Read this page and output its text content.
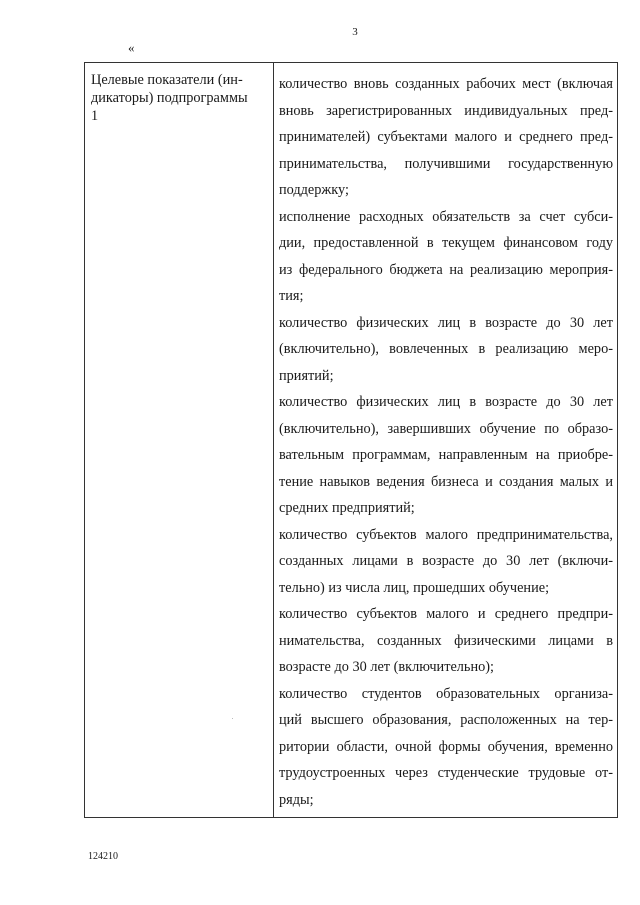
3
«
Целевые показатели (ин-
дикаторы) подпрограммы
1

количество вновь созданных рабочих мест (включая
вновь зарегистрированных индивидуальных пред-
принимателей) субъектами малого и среднего пред-
принимательства, получившими государственную
поддержку;
исполнение расходных обязательств за счет субси-
дии, предоставленной в текущем финансовом году
из федерального бюджета на реализацию мероприя-
тия;
количество физических лиц в возрасте до 30 лет
(включительно), вовлеченных в реализацию меро-
приятий;
количество физических лиц в возрасте до 30 лет
(включительно), завершивших обучение по образо-
вательным программам, направленным на приобре-
тение навыков ведения бизнеса и создания малых и
средних предприятий;
количество субъектов малого предпринимательства,
созданных лицами в возрасте до 30 лет (включи-
тельно) из числа лиц, прошедших обучение;
количество субъектов малого и среднего предпри-
нимательства, созданных физическими лицами в
возрасте до 30 лет (включительно);
количество студентов образовательных организа-
ций высшего образования, расположенных на тер-
ритории области, очной формы обучения, временно
трудоустроенных через студенческие трудовые от-
ряды;
124210
